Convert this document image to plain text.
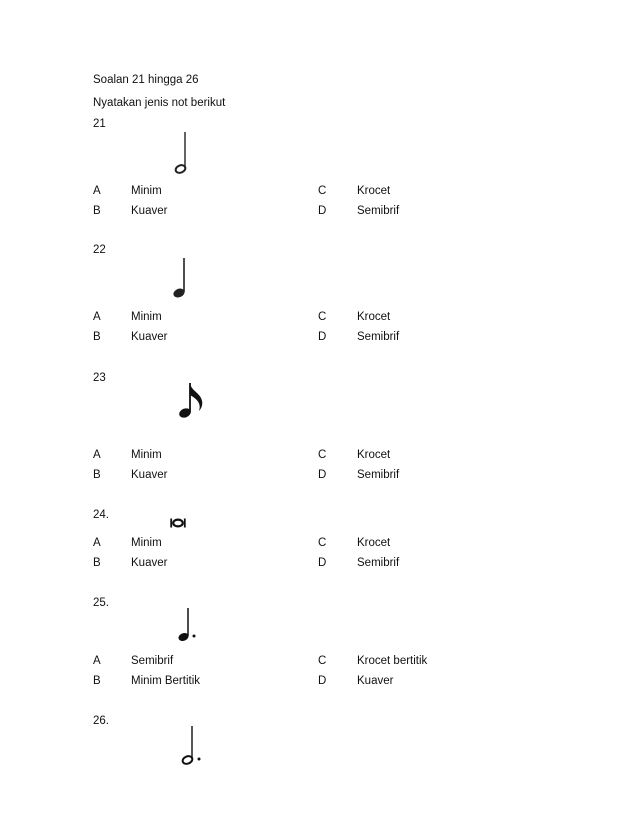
Soalan 21 hingga 26
Nyatakan jenis not berikut
21
A	Minim	C	Krocet
B	Kuaver	D	Semibrif
22
A	Minim	C	Krocet
B	Kuaver	D	Semibrif
23
A	Minim	C	Krocet
B	Kuaver	D	Semibrif
24.
A	Minim	C	Krocet
B	Kuaver	D	Semibrif
25.
A	Semibrif	C	Krocet bertitik
B	Minim Bertitik	D	Kuaver
26.
